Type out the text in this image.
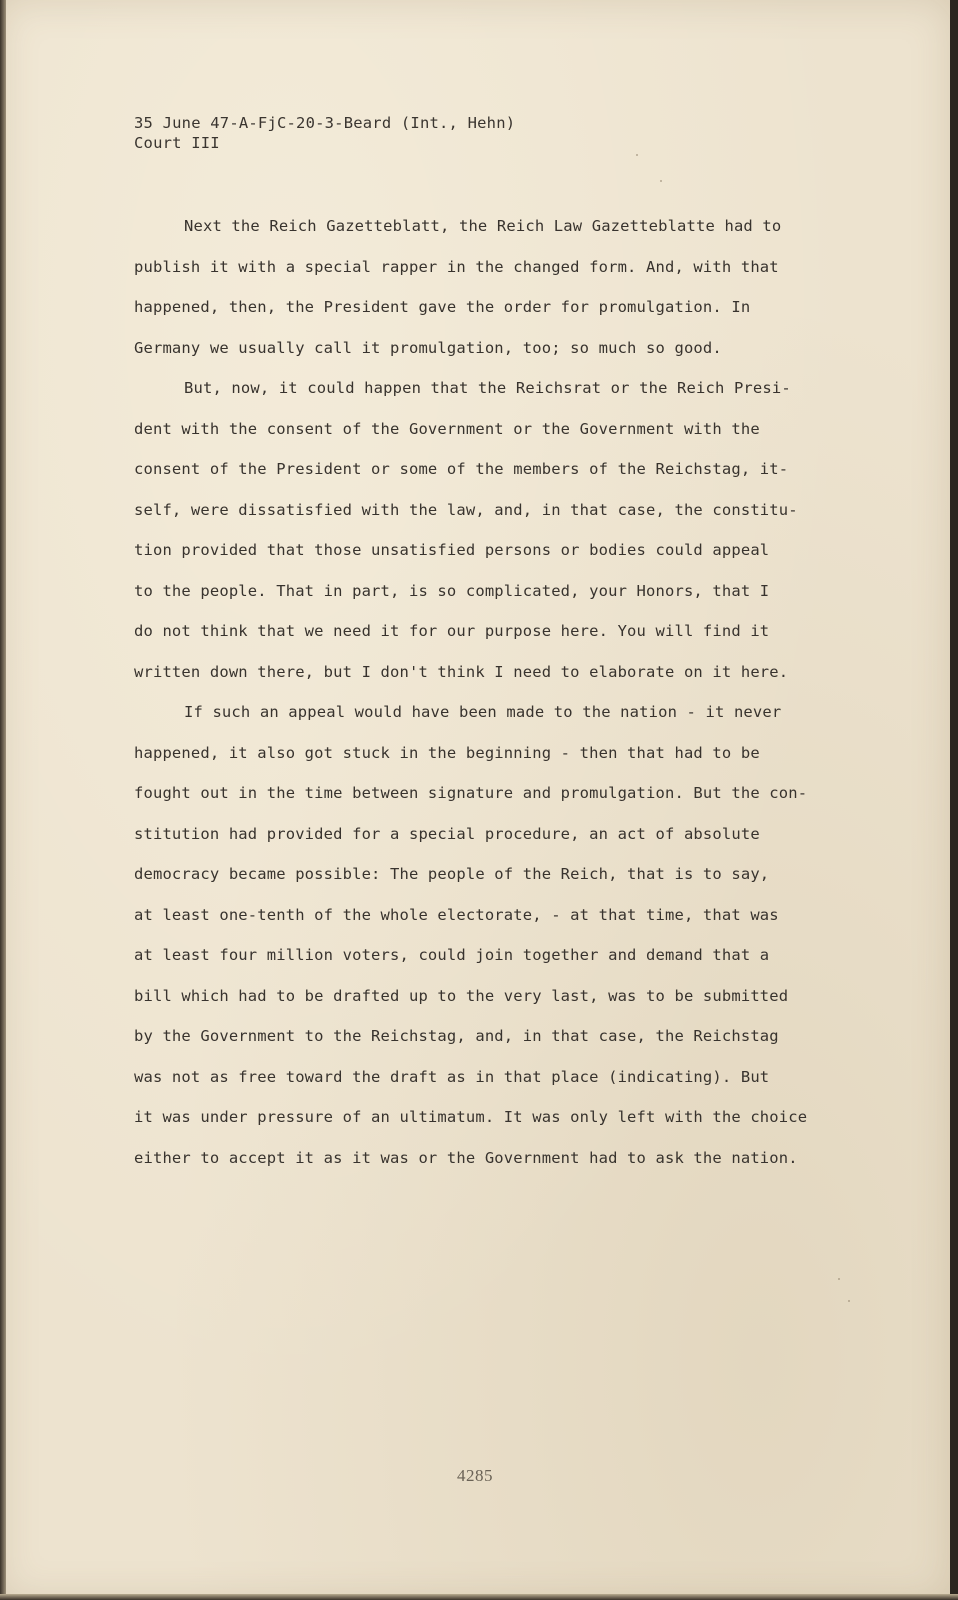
35 June 47-A-FjC-20-3-Beard (Int., Hehn)
Court III
Next the Reich Gazetteblatt, the Reich Law Gazetteblatte had to
publish it with a special rapper in the changed form. And, with that
happened, then, the President gave the order for promulgation. In
Germany we usually call it promulgation, too; so much so good.
But, now, it could happen that the Reichsrat or the Reich Presi-
dent with the consent of the Government or the Government with the
consent of the President or some of the members of the Reichstag, it-
self, were dissatisfied with the law, and, in that case, the constitu-
tion provided that those unsatisfied persons or bodies could appeal
to the people. That in part, is so complicated, your Honors, that I
do not think that we need it for our purpose here. You will find it
written down there, but I don't think I need to elaborate on it here.
If such an appeal would have been made to the nation - it never
happened, it also got stuck in the beginning - then that had to be
fought out in the time between signature and promulgation. But the con-
stitution had provided for a special procedure, an act of absolute
democracy became possible: The people of the Reich, that is to say,
at least one-tenth of the whole electorate, - at that time, that was
at least four million voters, could join together and demand that a
bill which had to be drafted up to the very last, was to be submitted
by the Government to the Reichstag, and, in that case, the Reichstag
was not as free toward the draft as in that place (indicating). But
it was under pressure of an ultimatum. It was only left with the choice
either to accept it as it was or the Government had to ask the nation.
4285
